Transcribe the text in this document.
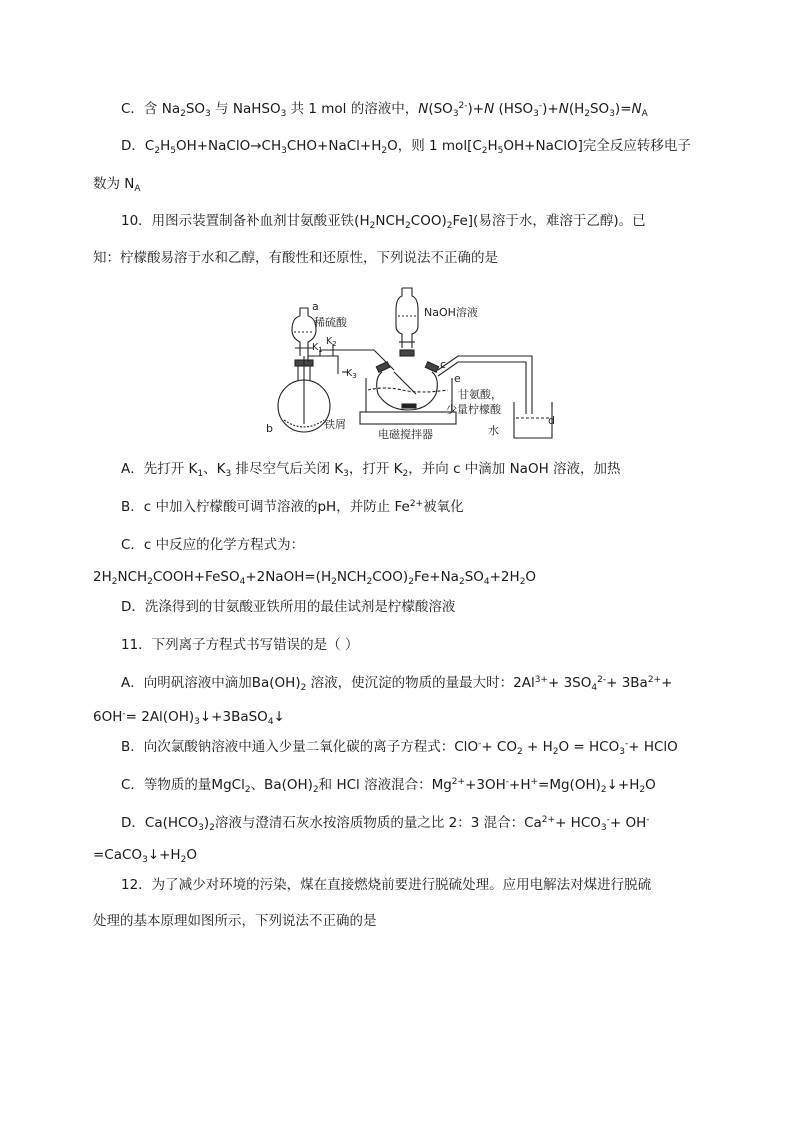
C．含 $Na_2SO_3$ 与 NaHSO$_3$ 共 1 mol 的溶液中，$N(SO_3^{2-})+N$ $(HSO_3^-)+N(H_2SO_3)=N_A$
D．$C_2H_5OH+NaClO\to CH_3CHO+NaCl+H_2O$，则 1 $mol[C_2H_5OH+NaClO]$完全反应转移电子
数为 $N_A$
10．用图示装置制备补血剂甘氨酸亚铁$(H_2NCH_2COO)_2Fe$](易溶于水，难溶于乙醇)。已
知：柠檬酸易溶于水和乙醇，有酸性和还原性，下列说法不正确的是
a
稀硫酸
$K_1$
$K_2$
$K_3$
b	铁屑
NaOH溶液
c
e
甘氨酸，
少量柠檬酸
电磁搅拌器	水
d
A．先打开 $K_1$、$K_3$ 排尽空气后关闭 $K_3$，打开 $K_2$，并向 c 中滴加 NaOH 溶液，加热
B．c 中加入柠檬酸可调节溶液的pH，并防止 $Fe^{2+}$被氧化
C．c 中反应的化学方程式为：
$2H_2NCH_2COOH+FeSO_4+2NaOH=(H_2NCH_2COO)_2Fe+Na_2SO_4+2H_2O$
D．洗涤得到的甘氨酸亚铁所用的最佳试剂是柠檬酸溶液
11．下列离子方程式书写错误的是（ ）
A．向明矾溶液中滴加$Ba(OH)_2$ 溶液，使沉淀的物质的量最大时：$2Al^{3+}+ 3SO_4^{2-}+ 3Ba^{2+}+$
$6OH^-= 2Al(OH)_3↓+3BaSO_4↓$
B．向次氯酸钠溶液中通入少量二氧化碳的离子方程式：$ClO^-+ CO_2 + H_2O = HCO_3^-+$ HClO
C．等物质的量MgCl$_2$、$Ba(OH)_2$和 HCl 溶液混合：$Mg^{2+}+3OH^-+H^+=Mg(OH)_2↓+H_2O$
D．$Ca(HCO_3)_2$溶液与澄清石灰水按溶质物质的量之比 2：3 混合：$Ca^{2+}+ HCO_3^-+ OH^-$
$=CaCO_3↓+H_2O$
12．为了减少对环境的污染，煤在直接燃烧前要进行脱硫处理。应用电解法对煤进行脱硫
处理的基本原理如图所示，下列说法不正确的是
